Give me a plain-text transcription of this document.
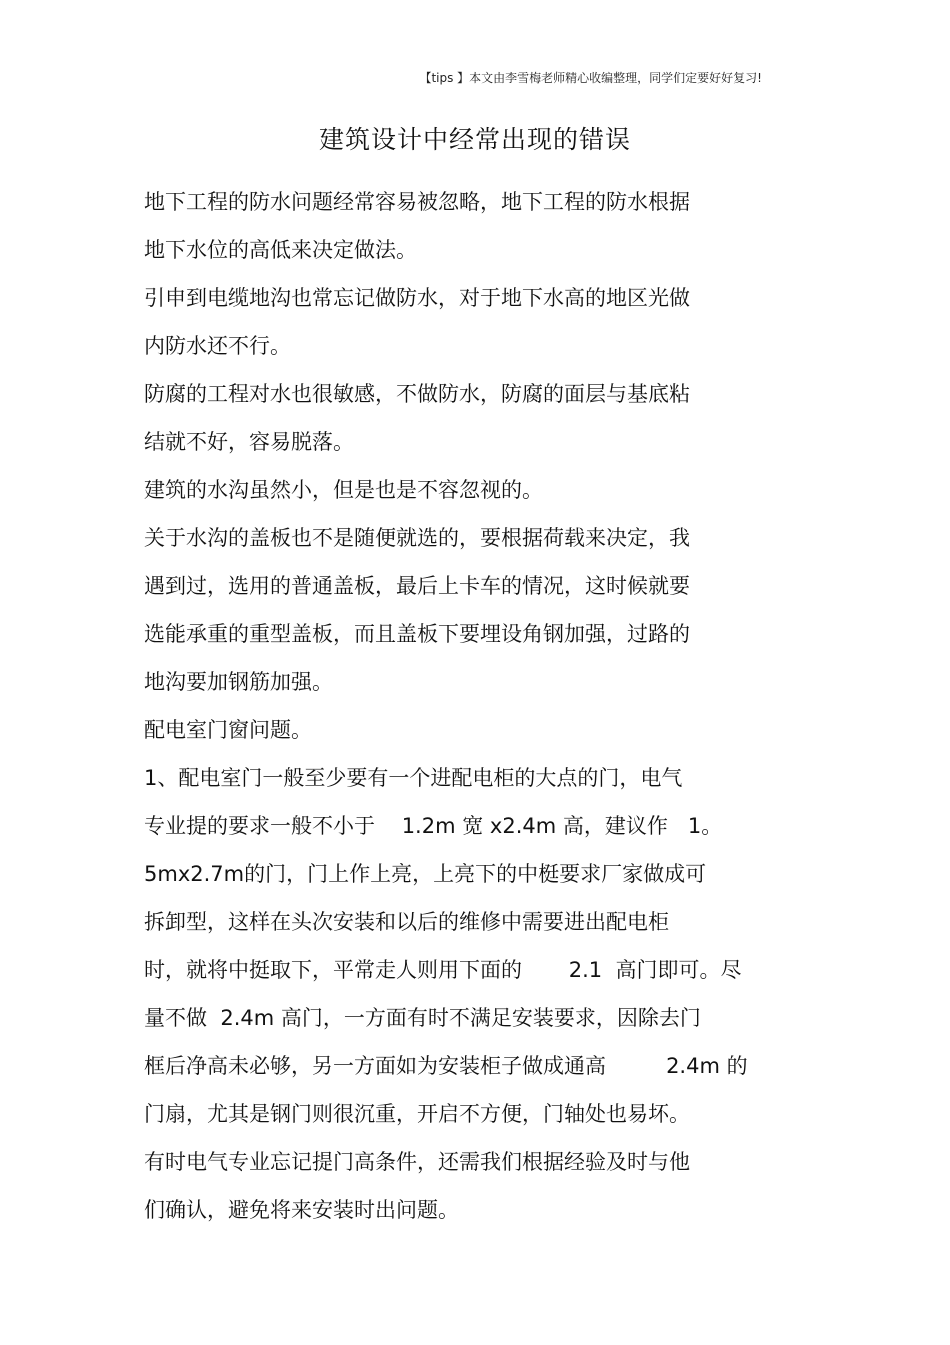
【tips 】本文由李雪梅老师精心收编整理，同学们定要好好复习!
建筑设计中经常出现的错误

地下工程的防水问题经常容易被忽略，地下工程的防水根据

地下水位的高低来决定做法。

引申到电缆地沟也常忘记做防水，对于地下水高的地区光做

内防水还不行。

防腐的工程对水也很敏感，不做防水，防腐的面层与基底粘

结就不好，容易脱落。

建筑的水沟虽然小，但是也是不容忽视的。

关于水沟的盖板也不是随便就选的，要根据荷载来决定，我

遇到过，选用的普通盖板，最后上卡车的情况，这时候就要

选能承重的重型盖板，而且盖板下要埋设角钢加强，过路的

地沟要加钢筋加强。

配电室门窗问题。

1、配电室门一般至少要有一个进配电柜的大点的门，电气

专业提的要求一般不小于    1.2m 宽 x2.4m 高，建议作   1。

5mx2.7m的门，门上作上亮，上亮下的中梃要求厂家做成可

拆卸型，这样在头次安装和以后的维修中需要进出配电柜

时，就将中挺取下，平常走人则用下面的       2.1  高门即可。尽

量不做  2.4m 高门，一方面有时不满足安装要求，因除去门

框后净高未必够，另一方面如为安装柜子做成通高         2.4m 的

门扇，尤其是钢门则很沉重，开启不方便，门轴处也易坏。

有时电气专业忘记提门高条件，还需我们根据经验及时与他

们确认，避免将来安装时出问题。
